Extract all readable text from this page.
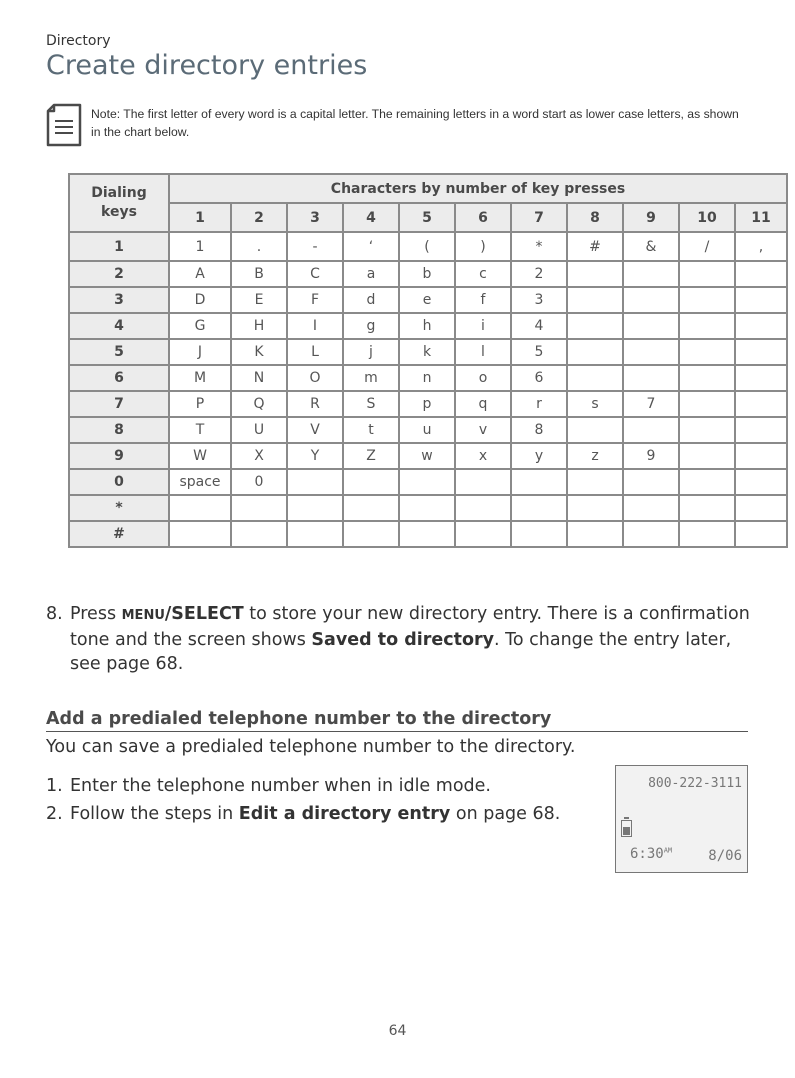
Directory
Create directory entries
Note: The first letter of every word is a capital letter. The remaining letters in a word start as lower case letters, as shown in the chart below.
Dialing keys	Characters by number of key presses										
	1	2	3	4	5	6	7	8	9	10	11
1	1	.	-	‘	(	)	*	#	&	/	,
2	A	B	C	a	b	c	2				
3	D	E	F	d	e	f	3				
4	G	H	I	g	h	i	4				
5	J	K	L	j	k	l	5				
6	M	N	O	m	n	o	6				
7	P	Q	R	S	p	q	r	s	7		
8	T	U	V	t	u	v	8				
9	W	X	Y	Z	w	x	y	z	9		
0	space	0									
*											
#											
8. Press MENU/SELECT to store your new directory entry. There is a confirmation tone and the screen shows Saved to directory. To change the entry later, see page 68.
Add a predialed telephone number to the directory
You can save a predialed telephone number to the directory.
1. Enter the telephone number when in idle mode.
2. Follow the steps in Edit a directory entry on page 68.
800-222-3111
$6:30^{AM}$	8/06
64
